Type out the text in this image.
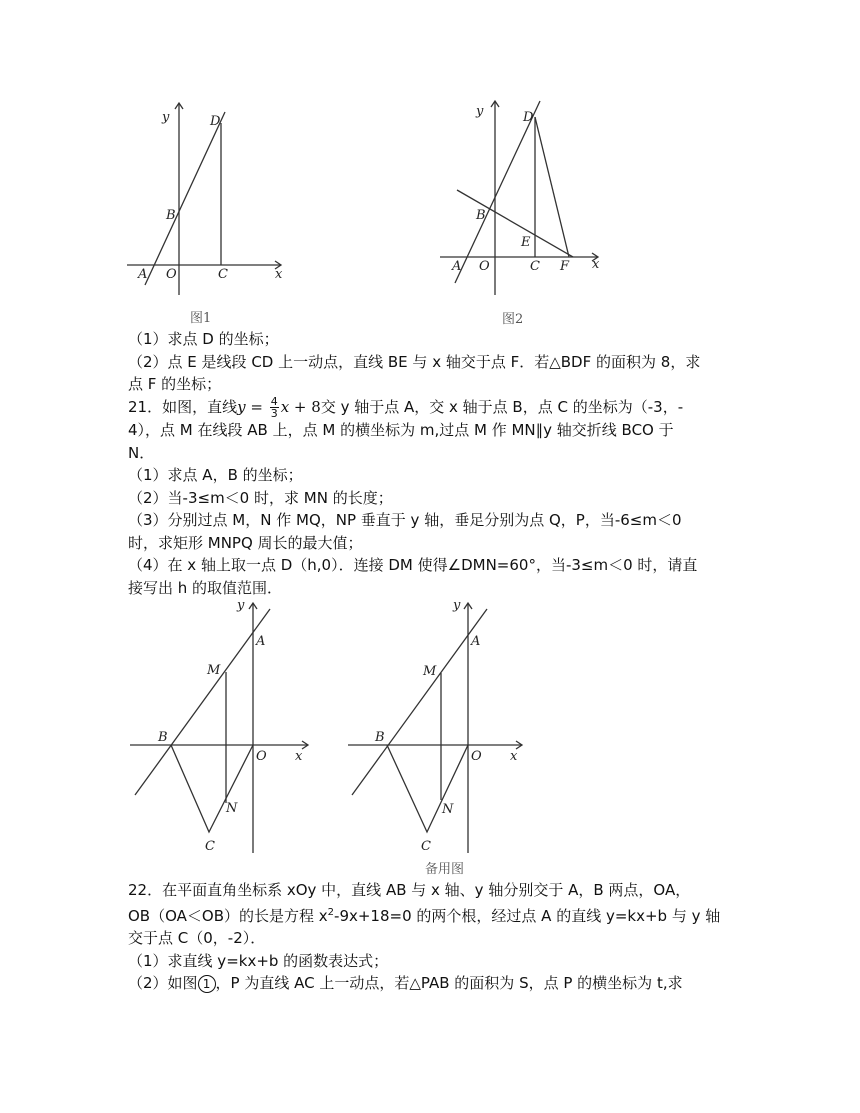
y
x
D
B
A O	C
图1
y
x
D
B
E
A O	C F
图2

（1）求点 D 的坐标；

（2）点 E 是线段 CD 上一动点，直线 BE 与 x 轴交于点 F．若△BDF 的面积为 8，求

点 F 的坐标；

21．如图，直线$y = \frac{4}{3}$ x + 8交 y 轴于点 A，交 x 轴于点 B，点 C 的坐标为（-3，-

4），点 M 在线段 AB 上，点 M 的横坐标为 m,过点 M 作 MN∥y 轴交折线 BCO 于

N．

（1）求点 A，B 的坐标；

（2）当-3≤m＜0 时，求 MN 的长度；

（3）分别过点 M，N 作 MQ，NP 垂直于 y 轴，垂足分别为点 Q，P，当-6≤m＜0

时，求矩形 MNPQ 周长的最大值；

（4）在 x 轴上取一点 D（h,0）．连接 DM 使得∠DMN=60°，当-3≤m＜0 时，请直

接写出 h 的取值范围．

y
x
A
M
B
O
N
C
y
x
A
M
B
O
N
C
备用图

22．在平面直角坐标系 xOy 中，直线 AB 与 x 轴、y 轴分别交于 A，B 两点，OA，

OB（OA＜OB）的长是方程 $x^2-9x+18=0$ 的两个根，经过点 A 的直线 y=kx+b 与 y 轴

交于点 C（0，-2）．

（1）求直线 y=kx+b 的函数表达式；

（2）如图 1 ，P 为直线 AC 上一动点，若△PAB 的面积为 S，点 P 的横坐标为 t,求
